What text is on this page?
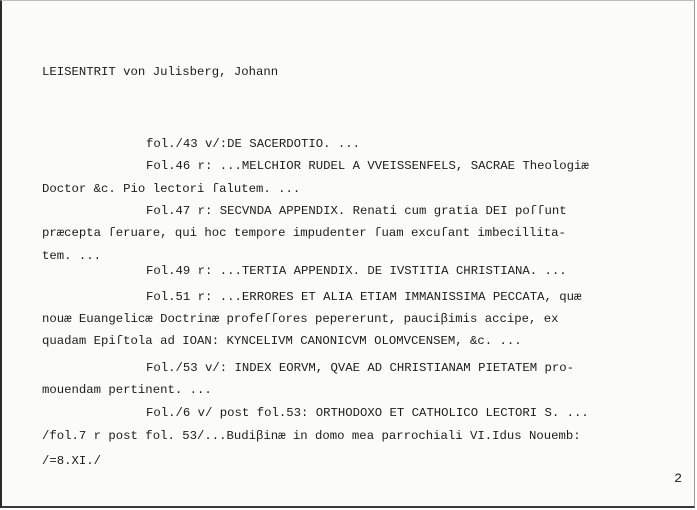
LEISENTRIT von Julisberg, Johann
fol./43 v/:DE SACERDOTIO. ...
Fol.46 r: ...MELCHIOR RUDEL A VVEISSENFELS, SACRAE Theologiæ
Doctor &c. Pio lectori ſalutem. ...
Fol.47 r: SECVNDA APPENDIX. Renati cum gratia DEI poſſunt
præcepta ſeruare, qui hoc tempore impudenter ſuam excuſant imbecillita-
tem. ...
Fol.49 r: ...TERTIA APPENDIX. DE IVSTITIA CHRISTIANA. ...
Fol.51 r: ...ERRORES ET ALIA ETIAM IMMANISSIMA PECCATA, quæ
nouæ Euangelicæ Doctrinæ profeſſores pepererunt, pauciβimis accipe, ex
quadam Epiſtola ad IOAN: KYNCELIVM CANONICVM OLOMVCENSEM, &c. ...
Fol./53 v/: INDEX EORVM, QVAE AD CHRISTIANAM PIETATEM pro-
mouendam pertinent. ...
Fol./6 v/ post fol.53: ORTHODOXO ET CATHOLICO LECTORI S. ...
/fol.7 r post fol. 53/...Budiβinæ in domo mea parrochiali VI.Idus Nouemb:
/=8.XI./
2
